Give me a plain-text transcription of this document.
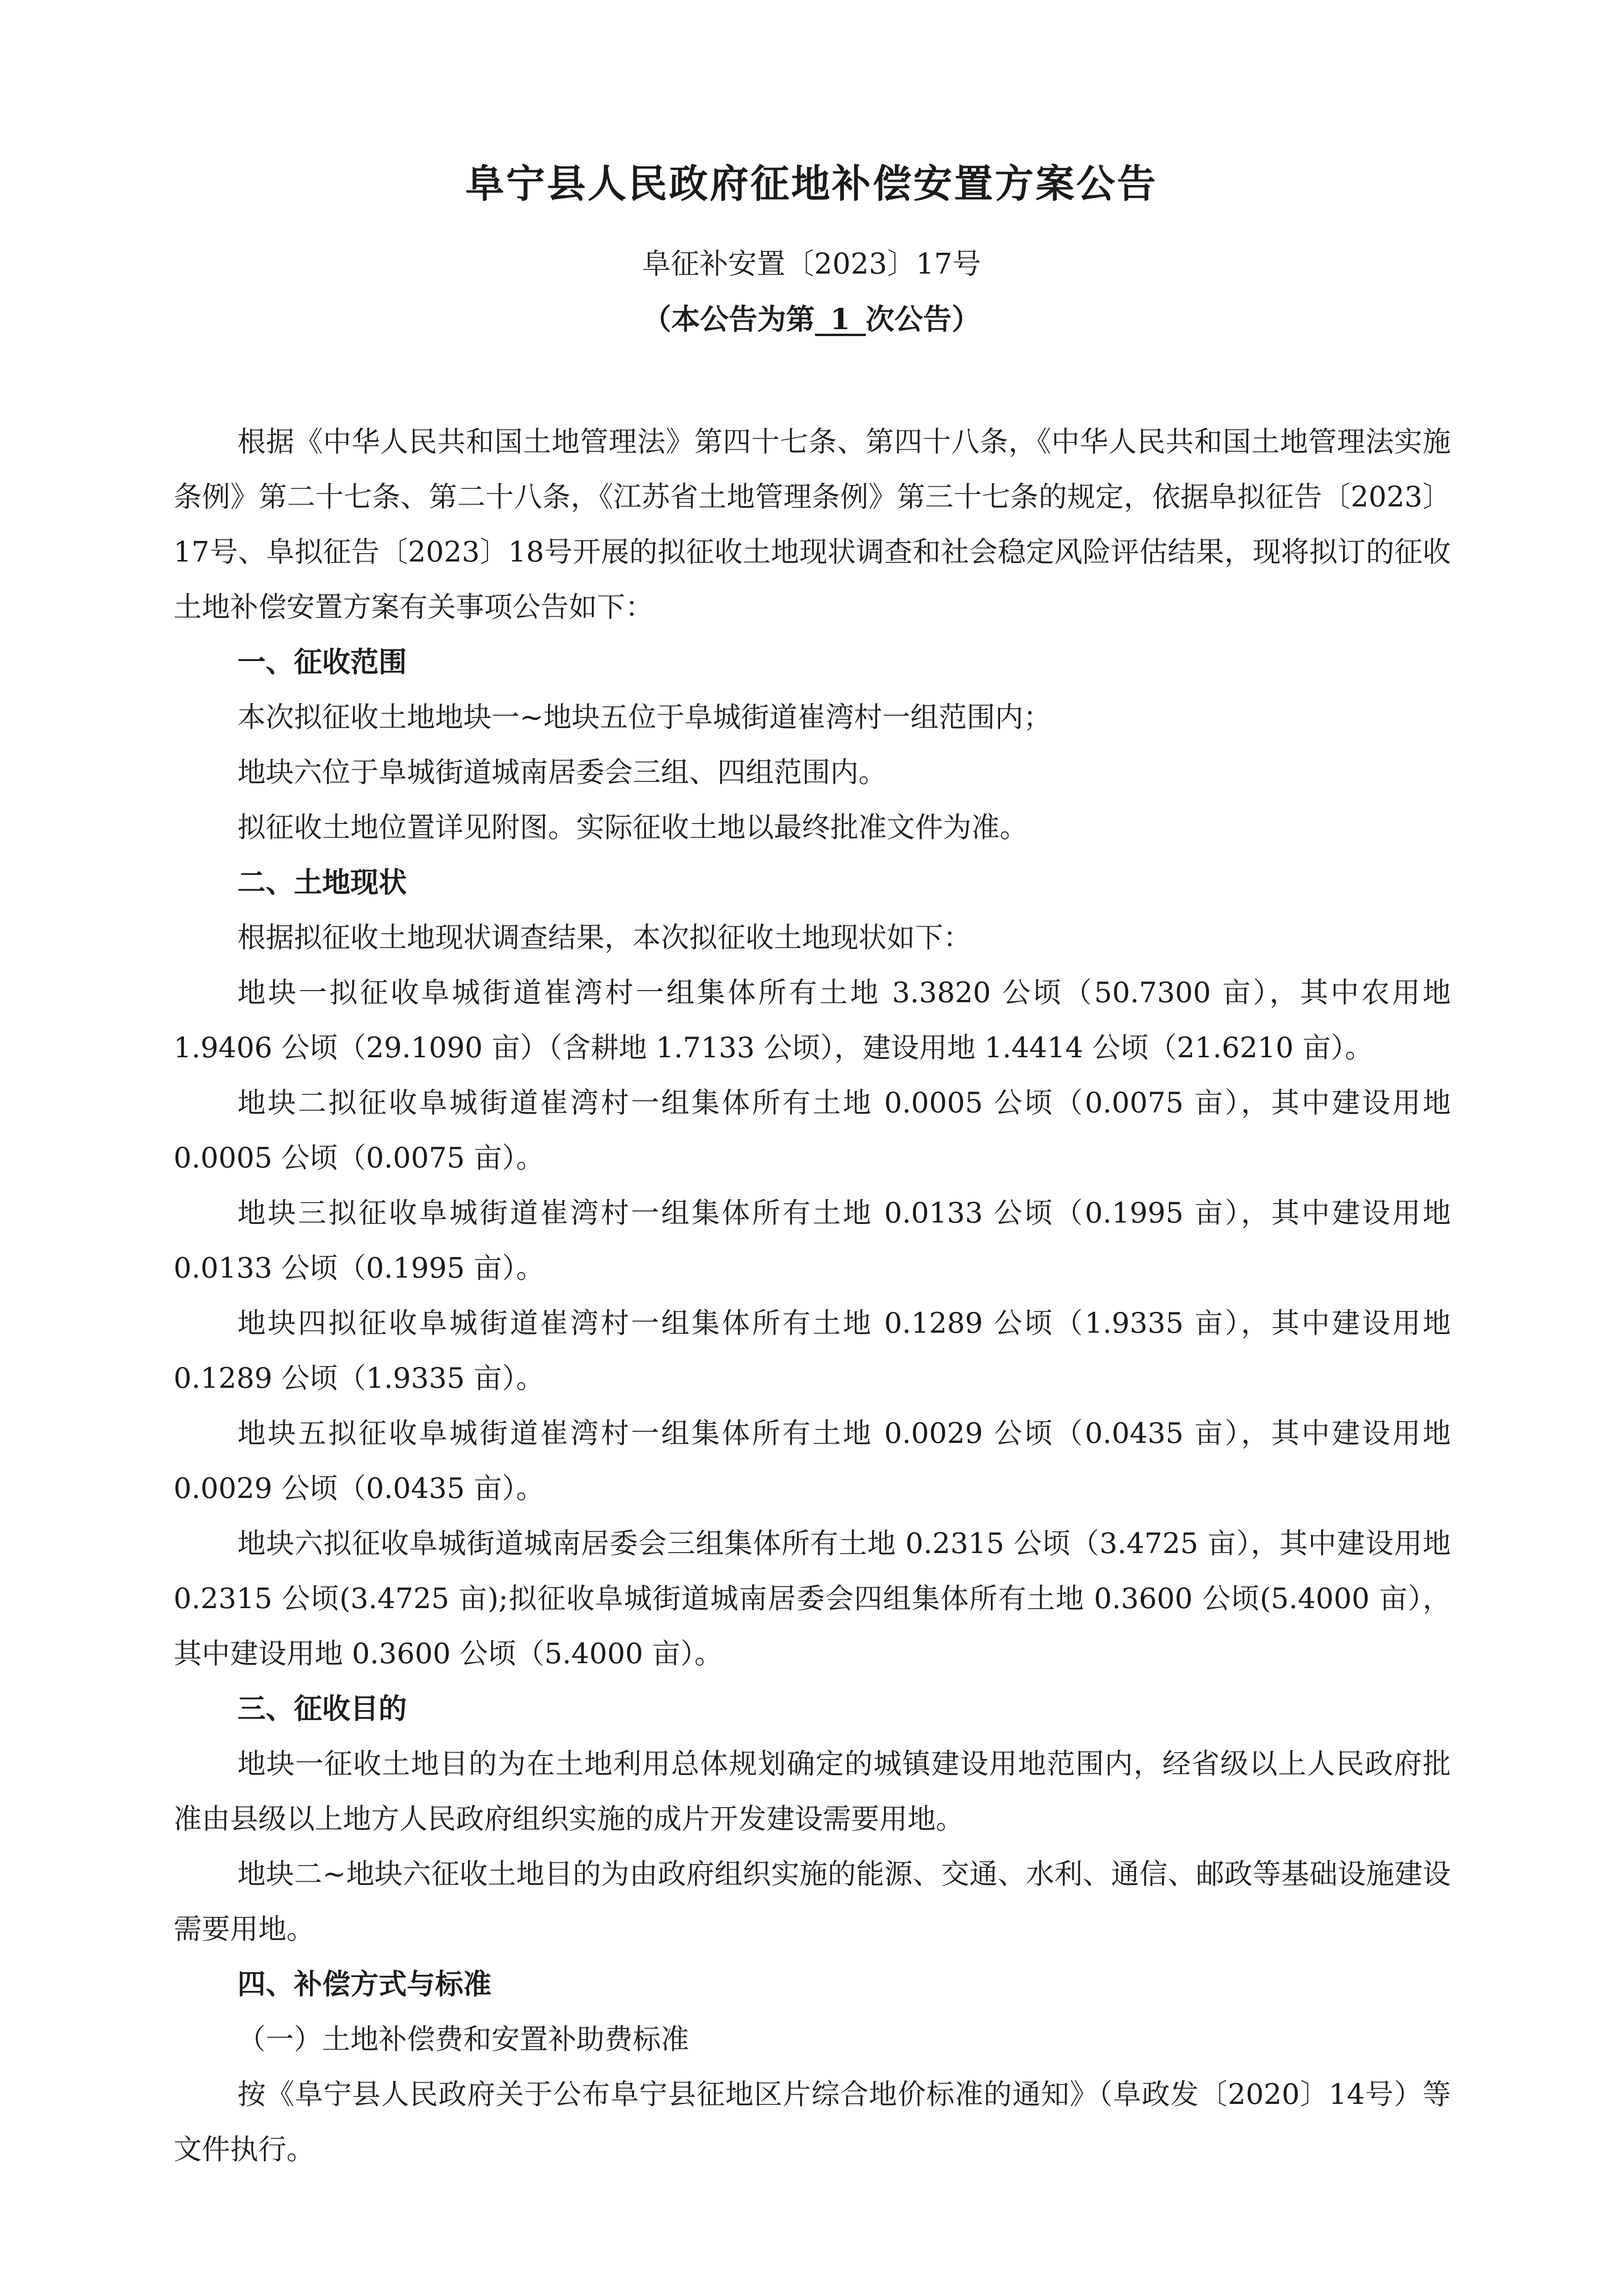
阜宁县人民政府征地补偿安置方案公告
阜征补安置〔2023〕17号
（本公告为第 1 次公告）

根据《中华人民共和国土地管理法》第四十七条、第四十八条，《中华人民共和国土地管理法实施条例》第二十七条、第二十八条，《江苏省土地管理条例》第三十七条的规定，依据阜拟征告〔2023〕17号、阜拟征告〔2023〕18号开展的拟征收土地现状调查和社会稳定风险评估结果，现将拟订的征收土地补偿安置方案有关事项公告如下：

一、征收范围

本次拟征收土地地块一~地块五位于阜城街道崔湾村一组范围内；

地块六位于阜城街道城南居委会三组、四组范围内。

拟征收土地位置详见附图。实际征收土地以最终批准文件为准。

二、土地现状

根据拟征收土地现状调查结果，本次拟征收土地现状如下：

地块一拟征收阜城街道崔湾村一组集体所有土地 3.3820 公顷（50.7300 亩），其中农用地 1.9406 公顷（29.1090 亩）（含耕地 1.7133 公顷），建设用地 1.4414 公顷（21.6210 亩）。

地块二拟征收阜城街道崔湾村一组集体所有土地 0.0005 公顷（0.0075 亩），其中建设用地 0.0005 公顷（0.0075 亩）。

地块三拟征收阜城街道崔湾村一组集体所有土地 0.0133 公顷（0.1995 亩），其中建设用地 0.0133 公顷（0.1995 亩）。

地块四拟征收阜城街道崔湾村一组集体所有土地 0.1289 公顷（1.9335 亩），其中建设用地 0.1289 公顷（1.9335 亩）。

地块五拟征收阜城街道崔湾村一组集体所有土地 0.0029 公顷（0.0435 亩），其中建设用地 0.0029 公顷（0.0435 亩）。

地块六拟征收阜城街道城南居委会三组集体所有土地 0.2315 公顷（3.4725 亩），其中建设用地 0.2315 公顷(3.4725 亩);拟征收阜城街道城南居委会四组集体所有土地 0.3600 公顷(5.4000 亩），其中建设用地 0.3600 公顷（5.4000 亩）。

三、征收目的

地块一征收土地目的为在土地利用总体规划确定的城镇建设用地范围内，经省级以上人民政府批准由县级以上地方人民政府组织实施的成片开发建设需要用地。

地块二~地块六征收土地目的为由政府组织实施的能源、交通、水利、通信、邮政等基础设施建设需要用地。

四、补偿方式与标准

（一）土地补偿费和安置补助费标准

按《阜宁县人民政府关于公布阜宁县征地区片综合地价标准的通知》（阜政发〔2020〕14号）等文件执行。
